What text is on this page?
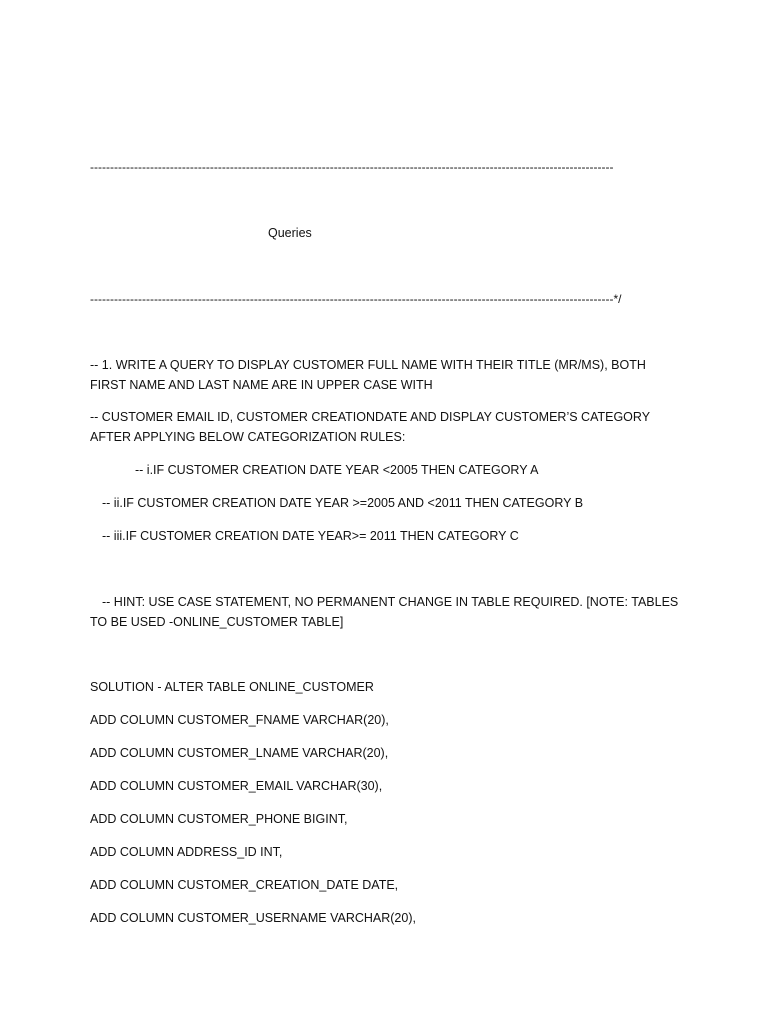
-----------------------------------------------------------------------------------------------------------------------------------
Queries
-----------------------------------------------------------------------------------------------------------------------------------*/
-- 1. WRITE A QUERY TO DISPLAY CUSTOMER FULL NAME WITH THEIR TITLE (MR/MS), BOTH FIRST NAME AND LAST NAME ARE IN UPPER CASE WITH
-- CUSTOMER EMAIL ID, CUSTOMER CREATIONDATE AND DISPLAY CUSTOMER’S CATEGORY AFTER APPLYING BELOW CATEGORIZATION RULES:
-- i.IF CUSTOMER CREATION DATE YEAR <2005 THEN CATEGORY A
-- ii.IF CUSTOMER CREATION DATE YEAR >=2005 AND <2011 THEN CATEGORY B
-- iii.IF CUSTOMER CREATION DATE YEAR>= 2011 THEN CATEGORY C
-- HINT: USE CASE STATEMENT, NO PERMANENT CHANGE IN TABLE REQUIRED. [NOTE: TABLES TO BE USED -ONLINE_CUSTOMER TABLE]
SOLUTION - ALTER TABLE ONLINE_CUSTOMER
ADD COLUMN CUSTOMER_FNAME VARCHAR(20),
ADD COLUMN CUSTOMER_LNAME VARCHAR(20),
ADD COLUMN CUSTOMER_EMAIL VARCHAR(30),
ADD COLUMN CUSTOMER_PHONE BIGINT,
ADD COLUMN ADDRESS_ID INT,
ADD COLUMN CUSTOMER_CREATION_DATE DATE,
ADD COLUMN CUSTOMER_USERNAME VARCHAR(20),
